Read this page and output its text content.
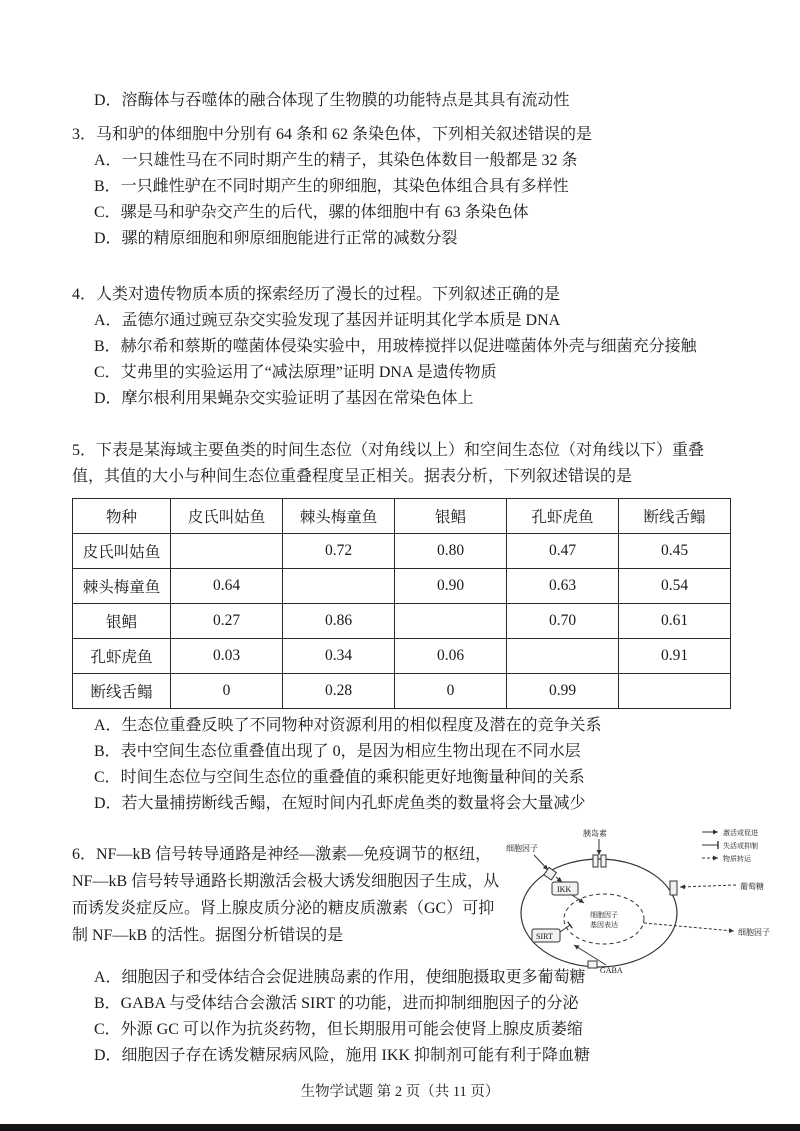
D．溶酶体与吞噬体的融合体现了生物膜的功能特点是其具有流动性
3．马和驴的体细胞中分别有 64 条和 62 条染色体，下列相关叙述错误的是
A．一只雄性马在不同时期产生的精子，其染色体数目一般都是 32 条
B．一只雌性驴在不同时期产生的卵细胞，其染色体组合具有多样性
C．骡是马和驴杂交产生的后代，骡的体细胞中有 63 条染色体
D．骡的精原细胞和卵原细胞能进行正常的减数分裂
4．人类对遗传物质本质的探索经历了漫长的过程。下列叙述正确的是
A．孟德尔通过豌豆杂交实验发现了基因并证明其化学本质是 DNA
B．赫尔希和蔡斯的噬菌体侵染实验中，用玻棒搅拌以促进噬菌体外壳与细菌充分接触
C．艾弗里的实验运用了“减法原理”证明 DNA 是遗传物质
D．摩尔根利用果蝇杂交实验证明了基因在常染色体上
5．下表是某海域主要鱼类的时间生态位（对角线以上）和空间生态位（对角线以下）重叠值，其值的大小与种间生态位重叠程度呈正相关。据表分析，下列叙述错误的是
物种	皮氏叫姑鱼	棘头梅童鱼	银鲳	孔虾虎鱼	断线舌鳎
皮氏叫姑鱼		0.72	0.80	0.47	0.45
棘头梅童鱼	0.64		0.90	0.63	0.54
银鲳	0.27	0.86		0.70	0.61
孔虾虎鱼	0.03	0.34	0.06		0.91
断线舌鳎	0	0.28	0	0.99	
A．生态位重叠反映了不同物种对资源利用的相似程度及潜在的竞争关系
B．表中空间生态位重叠值出现了 0，是因为相应生物出现在不同水层
C．时间生态位与空间生态位的重叠值的乘积能更好地衡量种间的关系
D．若大量捕捞断线舌鳎，在短时间内孔虾虎鱼类的数量将会大量减少
6．NF—kB 信号转导通路是神经—激素—免疫调节的枢纽，NF—kB 信号转导通路长期激活会极大诱发细胞因子生成，从而诱发炎症反应。肾上腺皮质分泌的糖皮质激素（GC）可抑制 NF—kB 的活性。据图分析错误的是
激活或促进
失活或抑制
物质转运
胰岛素
细胞因子
IKK
细胞因子
基因表达
SIRT
GABA
葡萄糖
细胞因子
A．细胞因子和受体结合会促进胰岛素的作用，使细胞摄取更多葡萄糖
B．GABA 与受体结合会激活 SIRT 的功能，进而抑制细胞因子的分泌
C．外源 GC 可以作为抗炎药物，但长期服用可能会使肾上腺皮质萎缩
D．细胞因子存在诱发糖尿病风险，施用 IKK 抑制剂可能有利于降血糖
生物学试题 第 2 页（共 11 页）
